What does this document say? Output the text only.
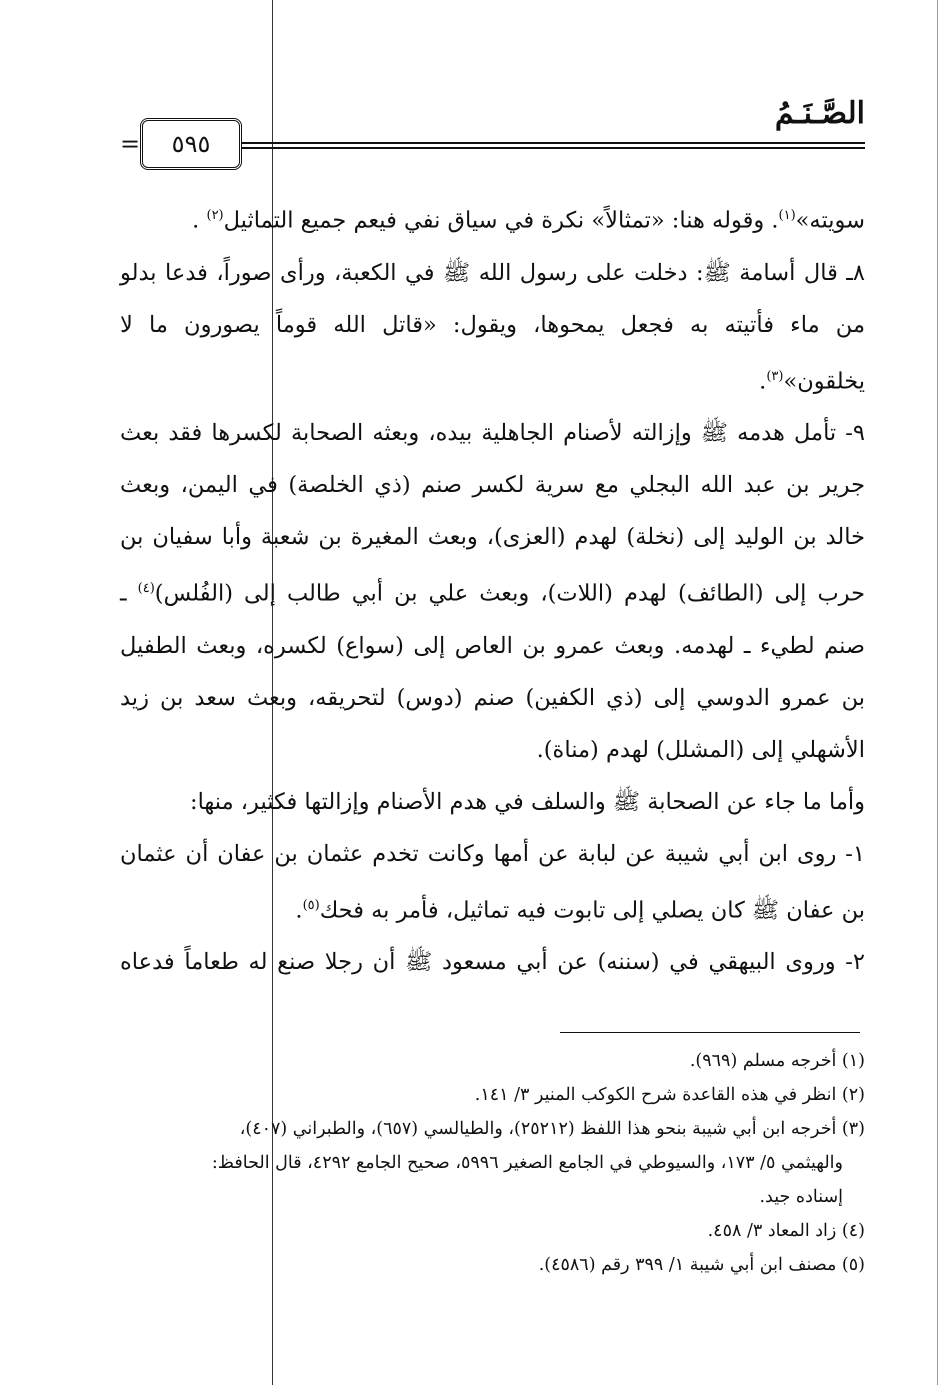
الصَّـنَـمُ
= ٥٩٥

سويته»$^{(١)}$. وقوله هنا: «تمثالاً» نكرة في سياق نفي فيعم جميع التماثيل$^{(٢)}$ .

٨ـ قال أسامة ﷺ: دخلت على رسول الله ﷺ في الكعبة، ورأى صوراً، فدعا بدلو من ماء فأتيته به فجعل يمحوها، ويقول: «قاتل الله قوماً يصورون ما لا يخلقون»$^{(٣)}$.

٩- تأمل هدمه ﷺ وإزالته لأصنام الجاهلية بيده، وبعثه الصحابة لكسرها فقد بعث جرير بن عبد الله البجلي مع سرية لكسر صنم (ذي الخلصة) في اليمن، وبعث خالد بن الوليد إلى (نخلة) لهدم (العزى)، وبعث المغيرة بن شعبة وأبا سفيان بن حرب إلى (الطائف) لهدم (اللات)، وبعث علي بن أبي طالب إلى (الفُلس)$^{(٤)}$ ـ صنم لطيء ـ لهدمه. وبعث عمرو بن العاص إلى (سواع) لكسره، وبعث الطفيل بن عمرو الدوسي إلى (ذي الكفين) صنم (دوس) لتحريقه، وبعث سعد بن زيد الأشهلي إلى (المشلل) لهدم (مناة).

وأما ما جاء عن الصحابة ﷺ والسلف في هدم الأصنام وإزالتها فكثير، منها:

١- روى ابن أبي شيبة عن لبابة عن أمها وكانت تخدم عثمان بن عفان أن عثمان بن عفان ﷺ كان يصلي إلى تابوت فيه تماثيل، فأمر به فحك$^{(٥)}$.

٢- وروى البيهقي في (سننه) عن أبي مسعود ﷺ أن رجلا صنع له طعاماً فدعاه

(١) أخرجه مسلم (٩٦٩).

(٢) انظر في هذه القاعدة شرح الكوكب المنير ٣/ ١٤١.

(٣) أخرجه ابن أبي شيبة بنحو هذا اللفظ (٢٥٢١٢)، والطيالسي (٦٥٧)، والطبراني (٤٠٧)،

والهيثمي ٥/ ١٧٣، والسيوطي في الجامع الصغير ٥٩٩٦، صحيح الجامع ٤٢٩٢، قال الحافظ:

إسناده جيد.

(٤) زاد المعاد ٣/ ٤٥٨.

(٥) مصنف ابن أبي شيبة ١/ ٣٩٩ رقم (٤٥٨٦).
